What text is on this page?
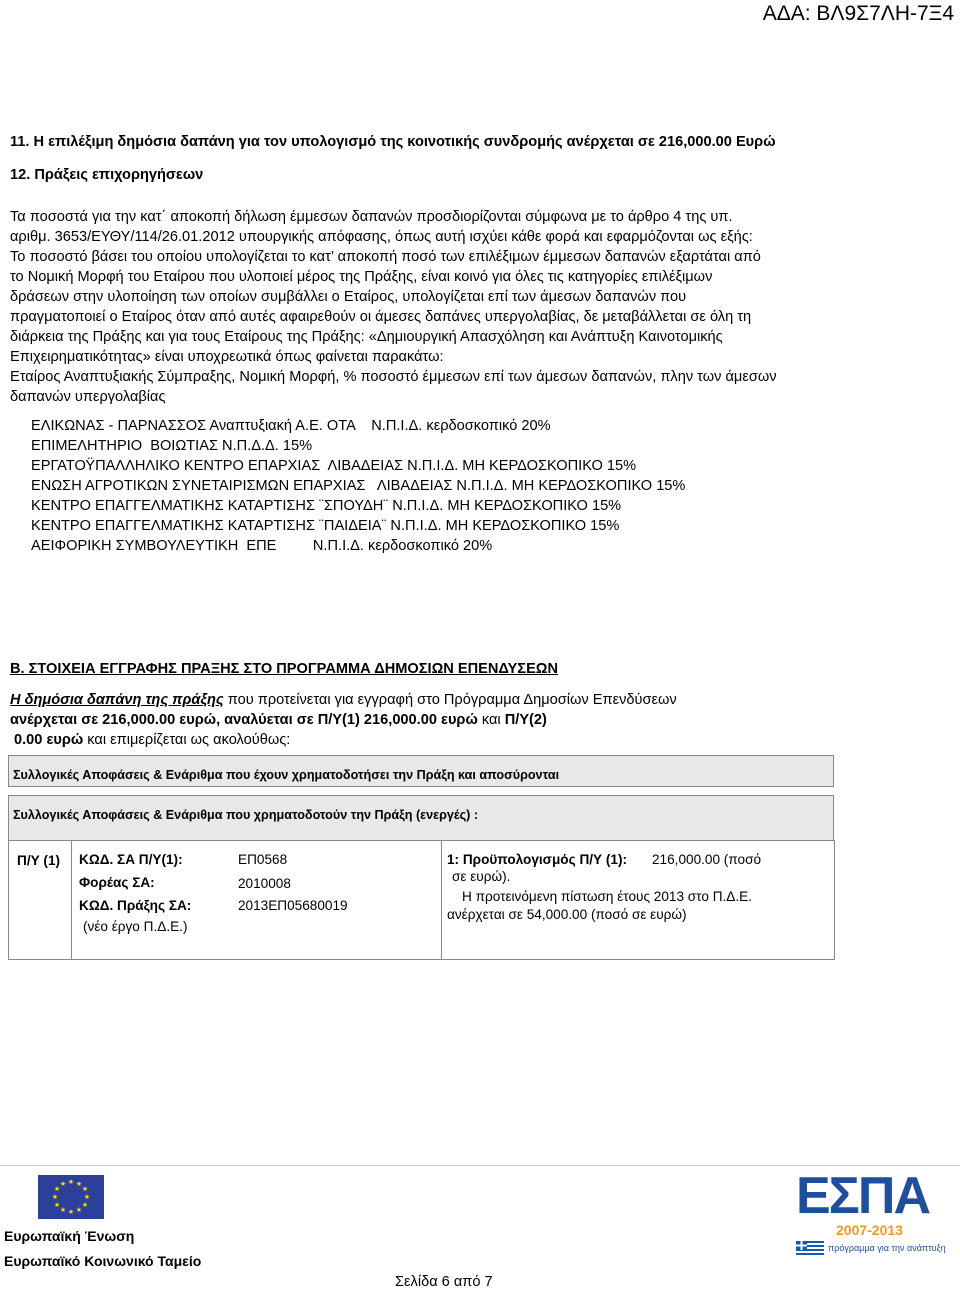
ΑΔΑ: ΒΛ9Σ7ΛΗ-7Ξ4
11. Η επιλέξιμη δημόσια δαπάνη για τον υπολογισμό της κοινοτικής συνδρομής ανέρχεται σε 216,000.00 Ευρώ
12. Πράξεις επιχορηγήσεων
Τα ποσοστά για την κατ΄ αποκοπή δήλωση έμμεσων δαπανών προσδιορίζονται σύμφωνα με το άρθρο 4 της υπ.
αριθμ. 3653/ΕΥΘΥ/114/26.01.2012 υπουργικής απόφασης, όπως αυτή ισχύει κάθε φορά και εφαρμόζονται ως εξής:
Το ποσοστό βάσει του οποίου υπολογίζεται το κατ’ αποκοπή ποσό των επιλέξιμων έμμεσων δαπανών εξαρτάται από
το Νομική Μορφή του Εταίρου που υλοποιεί μέρος της Πράξης, είναι κοινό για όλες τις κατηγορίες επιλέξιμων
δράσεων στην υλοποίηση των οποίων συμβάλλει ο Εταίρος, υπολογίζεται επί των άμεσων δαπανών που
πραγματοποιεί ο Εταίρος όταν από αυτές αφαιρεθούν οι άμεσες δαπάνες υπεργολαβίας, δε μεταβάλλεται σε όλη τη
διάρκεια της Πράξης και για τους Εταίρους της Πράξης: «Δημιουργική Απασχόληση και Ανάπτυξη Καινοτομικής
Επιχειρηματικότητας» είναι υποχρεωτικά όπως φαίνεται παρακάτω:
Εταίρος Αναπτυξιακής Σύμπραξης, Νομική Μορφή, % ποσοστό έμμεσων επί των άμεσων δαπανών, πλην των άμεσων
δαπανών υπεργολαβίας
ΕΛΙΚΩΝΑΣ - ΠΑΡΝΑΣΣΟΣ Αναπτυξιακή Α.Ε. ΟΤΑ    Ν.Π.Ι.Δ. κερδοσκοπικό 20%
ΕΠΙΜΕΛΗΤΗΡΙΟ  ΒΟΙΩΤΙΑΣ Ν.Π.Δ.Δ. 15%
ΕΡΓΑΤΟΫΠΑΛΛΗΛΙΚΟ ΚΕΝΤΡΟ ΕΠΑΡΧΙΑΣ  ΛΙΒΑΔΕΙΑΣ Ν.Π.Ι.Δ. ΜΗ ΚΕΡΔΟΣΚΟΠΙΚΟ 15%
ΕΝΩΣΗ ΑΓΡΟΤΙΚΩΝ ΣΥΝΕΤΑΙΡΙΣΜΩΝ ΕΠΑΡΧΙΑΣ   ΛΙΒΑΔΕΙΑΣ Ν.Π.Ι.Δ. ΜΗ ΚΕΡΔΟΣΚΟΠΙΚΟ 15%
ΚΕΝΤΡΟ ΕΠΑΓΓΕΛΜΑΤΙΚΗΣ ΚΑΤΑΡΤΙΣΗΣ ¨ΣΠΟΥΔΗ¨ Ν.Π.Ι.Δ. ΜΗ ΚΕΡΔΟΣΚΟΠΙΚΟ 15%
ΚΕΝΤΡΟ ΕΠΑΓΓΕΛΜΑΤΙΚΗΣ ΚΑΤΑΡΤΙΣΗΣ ¨ΠΑΙΔΕΙΑ¨ Ν.Π.Ι.Δ. ΜΗ ΚΕΡΔΟΣΚΟΠΙΚΟ 15%
ΑΕΙΦΟΡΙΚΗ ΣΥΜΒΟΥΛΕΥΤΙΚΗ  ΕΠΕ         Ν.Π.Ι.Δ. κερδοσκοπικό 20%
Β. ΣΤΟΙΧΕΙΑ ΕΓΓΡΑΦΗΣ ΠΡΑΞΗΣ ΣΤΟ ΠΡΟΓΡΑΜΜΑ ΔΗΜΟΣΙΩΝ ΕΠΕΝΔΥΣΕΩΝ
Η δημόσια δαπάνη της πράξης που προτείνεται για εγγραφή στο Πρόγραμμα Δημοσίων Επενδύσεων
ανέρχεται σε 216,000.00 ευρώ, αναλύεται σε Π/Υ(1) 216,000.00 ευρώ και Π/Υ(2)
0.00 ευρώ και επιμερίζεται ως ακολούθως:
Συλλογικές Αποφάσεις & Ενάριθμα που έχουν χρηματοδοτήσει την Πράξη και αποσύρονται
Συλλογικές Αποφάσεις & Ενάριθμα που χρηματοδοτούν την Πράξη (ενεργές) :
Π/Υ (1) ΚΩΔ. ΣΑ Π/Υ(1):	ΕΠ0568
Φορέας ΣΑ:	2010008
ΚΩΔ. Πράξης ΣΑ:	2013ΕΠ05680019
(νέο έργο Π.Δ.Ε.)
1: Προϋπολογισμός Π/Υ (1): 216,000.00 (ποσό
σε ευρώ).
Η προτεινόμενη πίστωση έτους 2013 στο Π.Δ.Ε.
ανέρχεται σε 54,000.00 (ποσό σε ευρώ)
★ ★
★
★
★
★
★
★
★
★
★
★
Ευρωπαϊκή Ένωση
Ευρωπαϊκό Κοινωνικό Ταμείο
Σελίδα 6 από 7
ΕΣΠΑ
2007-2013
πρόγραμμα για την ανάπτυξη
